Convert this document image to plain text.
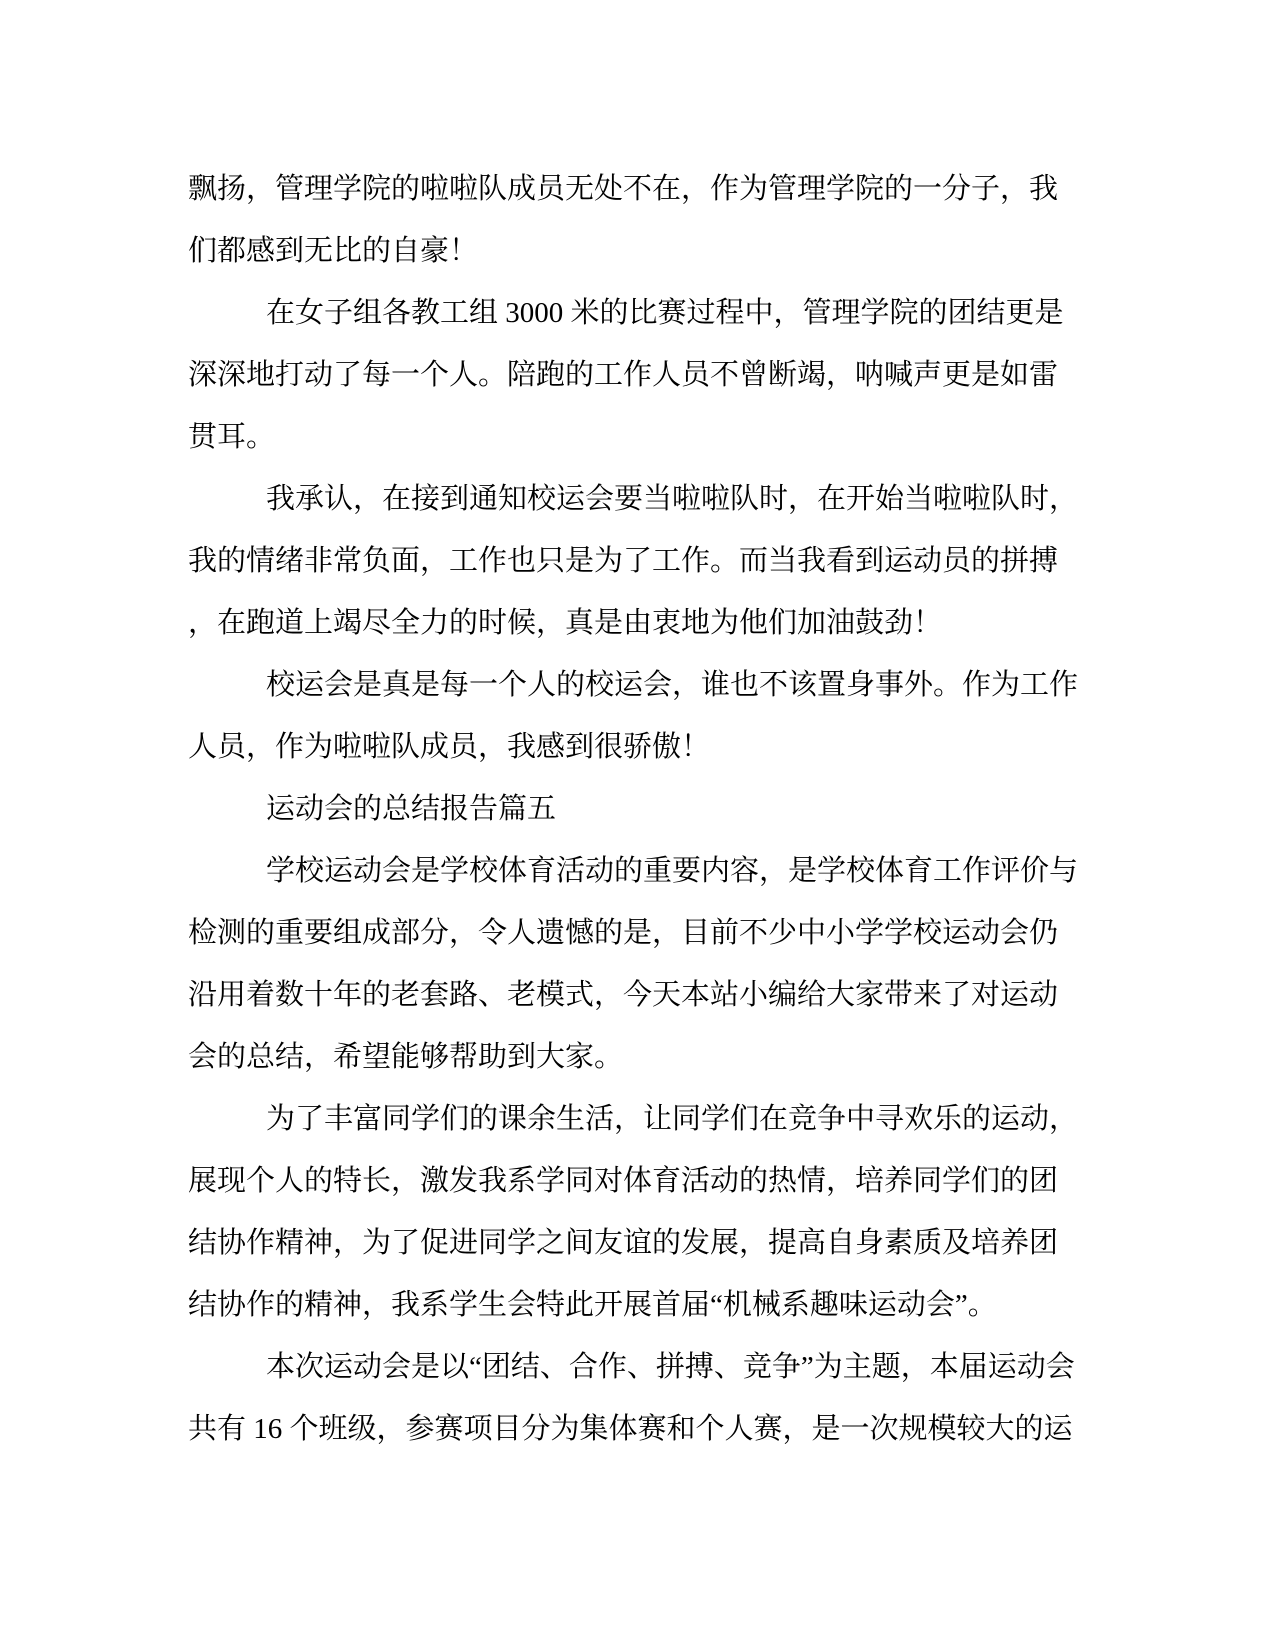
飘扬，管理学院的啦啦队成员无处不在，作为管理学院的一分子，我
们都感到无比的自豪！
在女子组各教工组 3000 米的比赛过程中，管理学院的团结更是
深深地打动了每一个人。陪跑的工作人员不曾断竭，呐喊声更是如雷
贯耳。
我承认，在接到通知校运会要当啦啦队时，在开始当啦啦队时，
我的情绪非常负面，工作也只是为了工作。而当我看到运动员的拼搏
，在跑道上竭尽全力的时候，真是由衷地为他们加油鼓劲！
校运会是真是每一个人的校运会，谁也不该置身事外。作为工作
人员，作为啦啦队成员，我感到很骄傲！
运动会的总结报告篇五
学校运动会是学校体育活动的重要内容，是学校体育工作评价与
检测的重要组成部分，令人遗憾的是，目前不少中小学学校运动会仍
沿用着数十年的老套路、老模式，今天本站小编给大家带来了对运动
会的总结，希望能够帮助到大家。
为了丰富同学们的课余生活，让同学们在竞争中寻欢乐的运动，
展现个人的特长，激发我系学同对体育活动的热情，培养同学们的团
结协作精神，为了促进同学之间友谊的发展，提高自身素质及培养团
结协作的精神，我系学生会特此开展首届“机械系趣味运动会”。
本次运动会是以“团结、合作、拼搏、竞争”为主题，本届运动会
共有 16 个班级，参赛项目分为集体赛和个人赛，是一次规模较大的运
